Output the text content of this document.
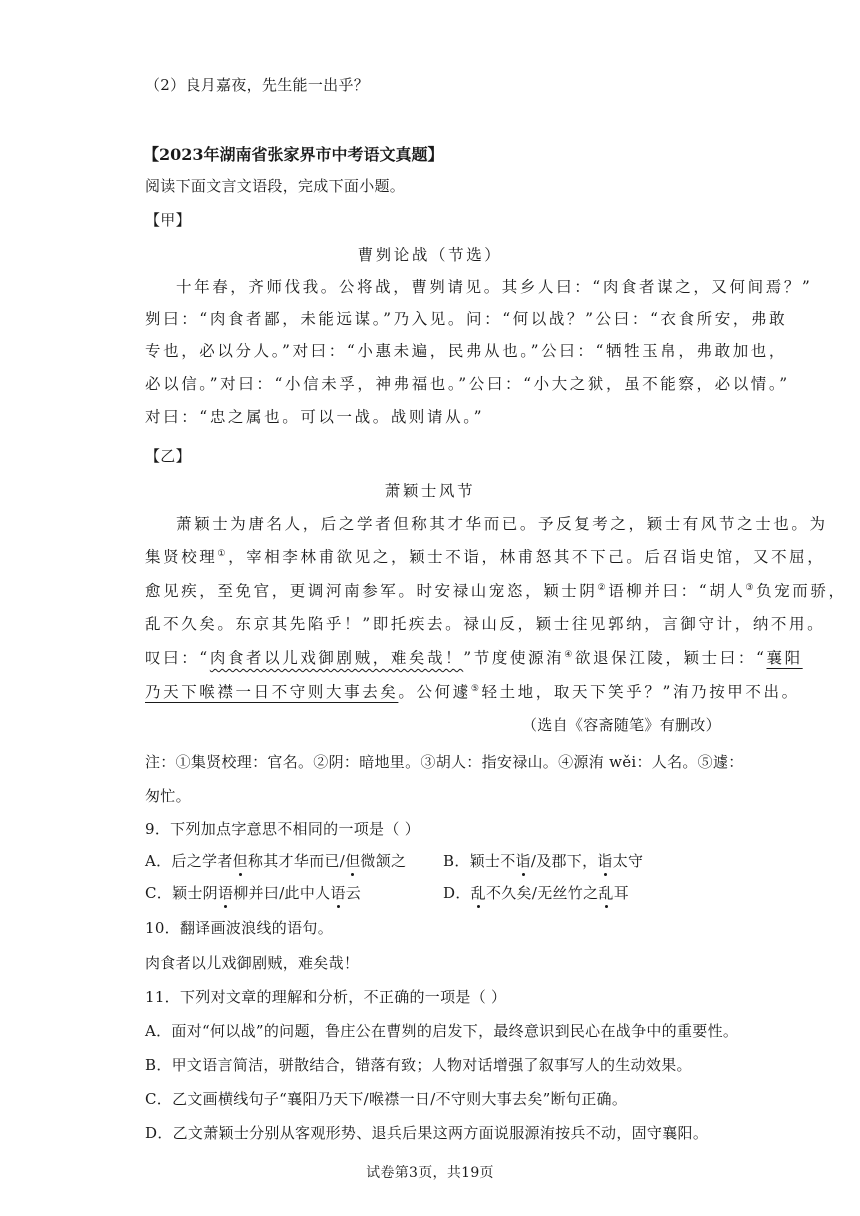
（2）良月嘉夜，先生能一出乎？
【2023年湖南省张家界市中考语文真题】
阅读下面文言文语段，完成下面小题。
【甲】
曹刿论战（节选）
十年春，齐师伐我。公将战，曹刿请见。其乡人曰：“肉食者谋之，又何间焉？”
刿曰：“肉食者鄙，未能远谋。”乃入见。问：“何以战？”公曰：“衣食所安，弗敢
专也，必以分人。”对曰：“小惠未遍，民弗从也。”公曰：“牺牲玉帛，弗敢加也，
必以信。”对曰：“小信未孚，神弗福也。”公曰：“小大之狱，虽不能察，必以情。”
对曰：“忠之属也。可以一战。战则请从。”
【乙】
萧颖士风节
萧颖士为唐名人，后之学者但称其才华而已。予反复考之，颖士有风节之士也。为
集贤校理①，宰相李林甫欲见之，颖士不诣，林甫怒其不下己。后召诣史馆，又不屈，
愈见疾，至免官，更调河南参军。时安禄山宠恣，颖士阴②语柳并曰：“胡人③负宠而骄，
乱不久矣。东京其先陷乎！”即托疾去。禄山反，颖士往见郭纳，言御守计，纳不用。
叹曰：“肉食者以儿戏御剧贼，难矣哉！”节度使源洧④欲退保江陵，颖士曰：“襄阳
乃天下喉襟一日不守则大事去矣。公何遽⑤轻土地，取天下笑乎？”洧乃按甲不出。
（选自《容斋随笔》有删改）
注：①集贤校理：官名。②阴：暗地里。③胡人：指安禄山。④源洧 wěi：人名。⑤遽：
匆忙。
9．下列加点字意思不相同的一项是（ ）
A．后之学者但称其才华而已/但微颔之 B．颖士不诣/及郡下，诣太守
C．颖士阴语柳并曰/此中人语云	D．乱不久矣/无丝竹之乱耳
10．翻译画波浪线的语句。
肉食者以儿戏御剧贼，难矣哉！
11．下列对文章的理解和分析，不正确的一项是（ ）
A．面对“何以战”的问题，鲁庄公在曹刿的启发下，最终意识到民心在战争中的重要性。
B．甲文语言简洁，骈散结合，错落有致；人物对话增强了叙事写人的生动效果。
C．乙文画横线句子“襄阳乃天下/喉襟一日/不守则大事去矣”断句正确。
D．乙文萧颖士分别从客观形势、退兵后果这两方面说服源洧按兵不动，固守襄阳。
试卷第3页，共19页
